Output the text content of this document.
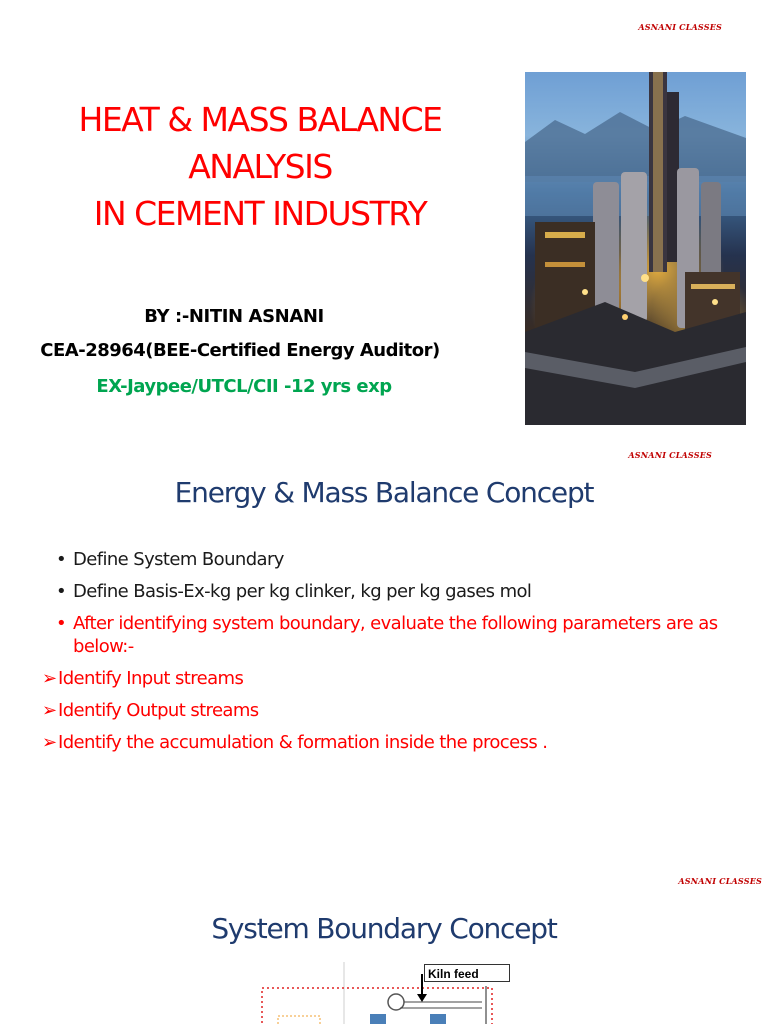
ASNANI CLASSES
HEAT & MASS BALANCE
ANALYSIS
IN CEMENT INDUSTRY
BY :-NITIN ASNANI
CEA-28964(BEE-Certified Energy Auditor)
EX-Jaypee/UTCL/CII -12 yrs exp
ASNANI CLASSES
Energy & Mass Balance Concept
• Define System Boundary
• Define Basis-Ex-kg per kg clinker, kg per kg gases mol
• After identifying system boundary, evaluate the following parameters are as below:-
➢ Identify Input streams
➢ Identify Output streams
➢ Identify the accumulation & formation inside the process .
ASNANI CLASSES
System Boundary Concept
Kiln feed
